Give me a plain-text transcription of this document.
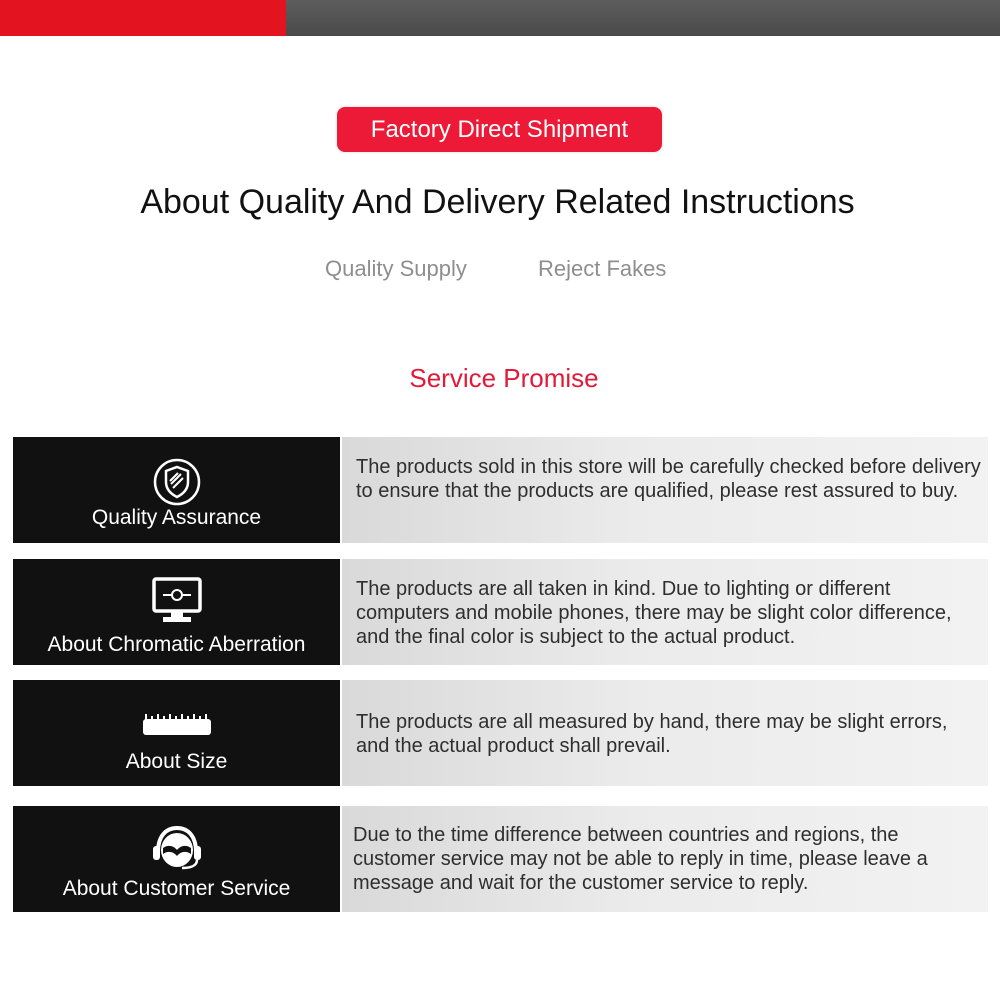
Factory Direct Shipment
About Quality And Delivery Related Instructions
Quality Supply	Reject Fakes
Service Promise
Quality Assurance
The products sold in this store will be carefully checked before delivery to ensure that the products are qualified, please rest assured to buy.
About Chromatic Aberration
The products are all taken in kind. Due to lighting or different computers and mobile phones, there may be slight color difference, and the final color is subject to the actual product.
About Size
The products are all measured by hand, there may be slight errors, and the actual product shall prevail.
About Customer Service
Due to the time difference between countries and regions, the customer service may not be able to reply in time, please leave a message and wait for the customer service to reply.
